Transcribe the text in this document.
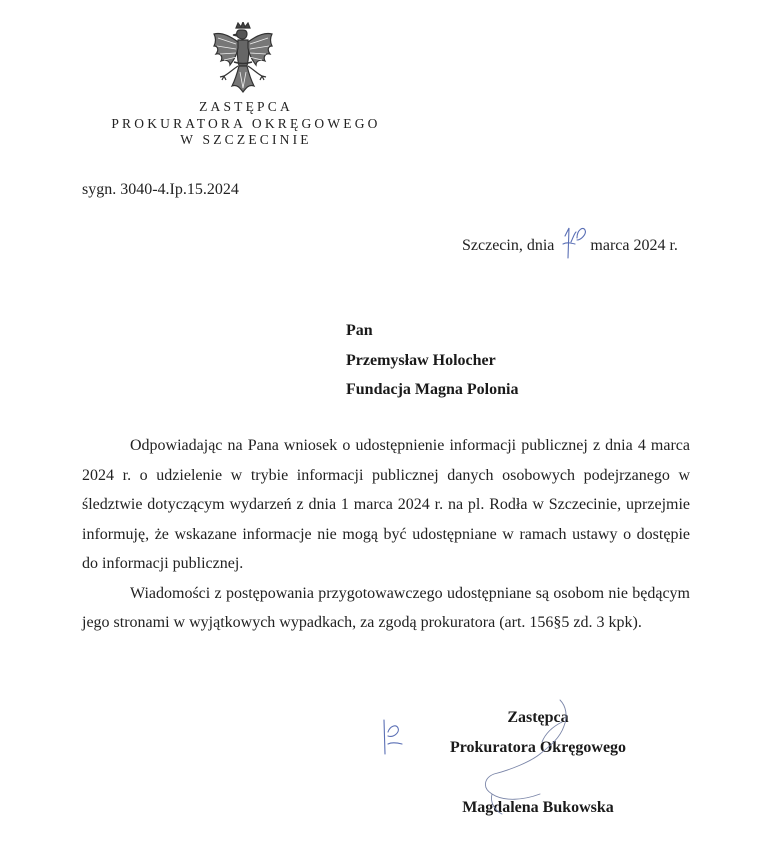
ZASTĘPCA
PROKURATORA OKRĘGOWEGO
W SZCZECINIE
sygn. 3040-4.Ip.15.2024
Szczecin, dnia marca 2024 r.
Pan
Przemysław Holocher
Fundacja Magna Polonia

Odpowiadając na Pana wniosek o udostępnienie informacji publicznej z dnia 4 marca 2024 r. o udzielenie w trybie informacji publicznej danych osobowych podejrzanego w śledztwie dotyczącym wydarzeń z dnia 1 marca 2024 r. na pl. Rodła w Szczecinie, uprzejmie informuję, że wskazane informacje nie mogą być udostępniane w ramach ustawy o dostępie do informacji publicznej.

Wiadomości z postępowania przygotowawczego udostępniane są osobom nie będącym jego stronami w wyjątkowych wypadkach, za zgodą prokuratora (art. 156§5 zd. 3 kpk).

Zastępca
Prokuratora Okręgowego
Magdalena Bukowska
